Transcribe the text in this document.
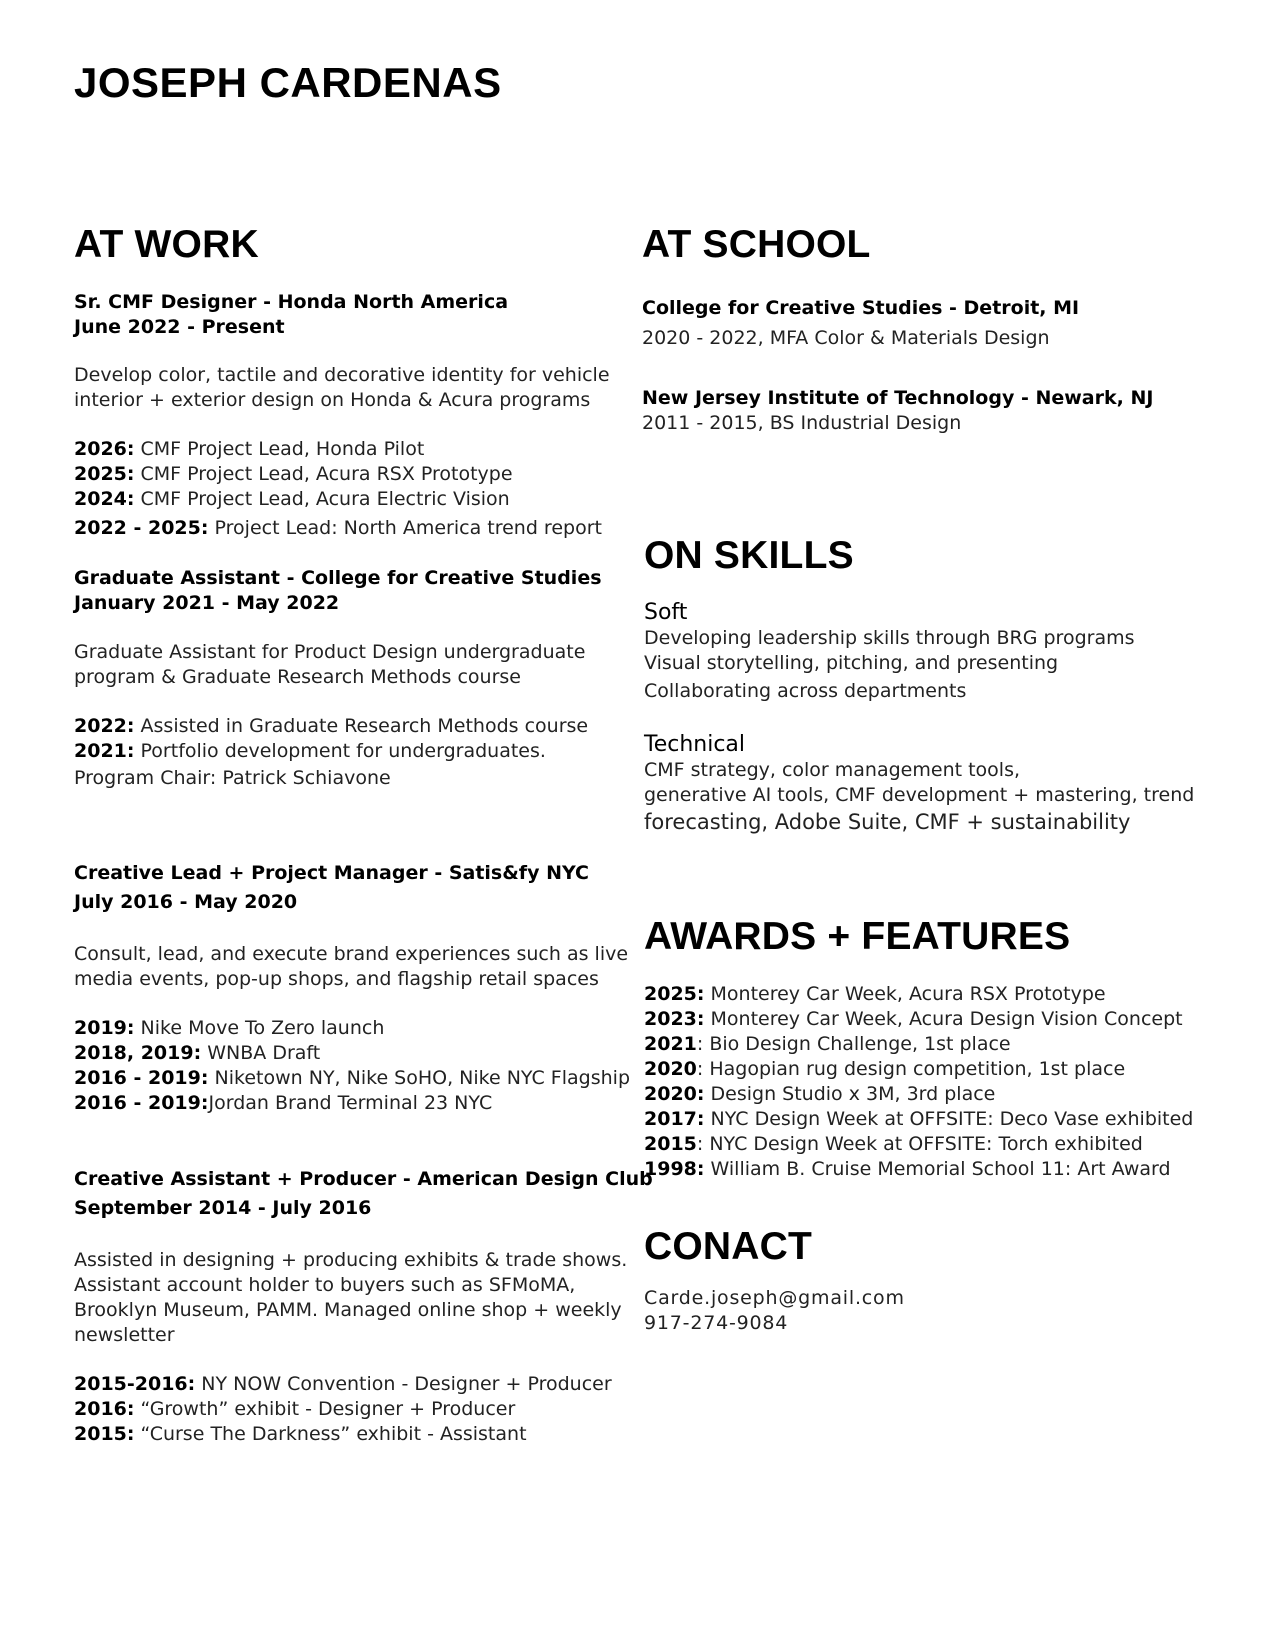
JOSEPH CARDENAS
AT WORK
Sr. CMF Designer - Honda North America
June 2022 - Present
Develop color, tactile and decorative identity for vehicle
interior + exterior design on Honda & Acura programs
2026: CMF Project Lead, Honda Pilot
2025: CMF Project Lead, Acura RSX Prototype
2024: CMF Project Lead, Acura Electric Vision
2022 - 2025: Project Lead: North America trend report
Graduate Assistant - College for Creative Studies
January 2021 - May 2022
Graduate Assistant for Product Design undergraduate
program & Graduate Research Methods course
2022: Assisted in Graduate Research Methods course
2021: Portfolio development for undergraduates.
Program Chair: Patrick Schiavone
Creative Lead + Project Manager - Satis&fy NYC
July 2016 - May 2020
Consult, lead, and execute brand experiences such as live
media events, pop-up shops, and flagship retail spaces
2019: Nike Move To Zero launch
2018, 2019: WNBA Draft
2016 - 2019: Niketown NY, Nike SoHO, Nike NYC Flagship
2016 - 2019:Jordan Brand Terminal 23 NYC
Creative Assistant + Producer - American Design Club
September 2014 - July 2016
Assisted in designing + producing exhibits & trade shows.
Assistant account holder to buyers such as SFMoMA,
Brooklyn Museum, PAMM. Managed online shop + weekly
newsletter
2015-2016: NY NOW Convention - Designer + Producer
2016: “Growth” exhibit - Designer + Producer
2015: “Curse The Darkness” exhibit - Assistant
AT SCHOOL
College for Creative Studies - Detroit, MI
2020 - 2022, MFA Color & Materials Design
New Jersey Institute of Technology - Newark, NJ
2011 - 2015, BS Industrial Design
ON SKILLS
Soft
Developing leadership skills through BRG programs
Visual storytelling, pitching, and presenting
Collaborating across departments
Technical
CMF strategy, color management tools,
generative AI tools, CMF development + mastering, trend
forecasting, Adobe Suite, CMF + sustainability
AWARDS + FEATURES
2025: Monterey Car Week, Acura RSX Prototype
2023: Monterey Car Week, Acura Design Vision Concept
2021: Bio Design Challenge, 1st place
2020: Hagopian rug design competition, 1st place
2020: Design Studio x 3M, 3rd place
2017: NYC Design Week at OFFSITE: Deco Vase exhibited
2015: NYC Design Week at OFFSITE: Torch exhibited
1998: William B. Cruise Memorial School 11: Art Award
CONACT
Carde.joseph@gmail.com
917-274-9084
